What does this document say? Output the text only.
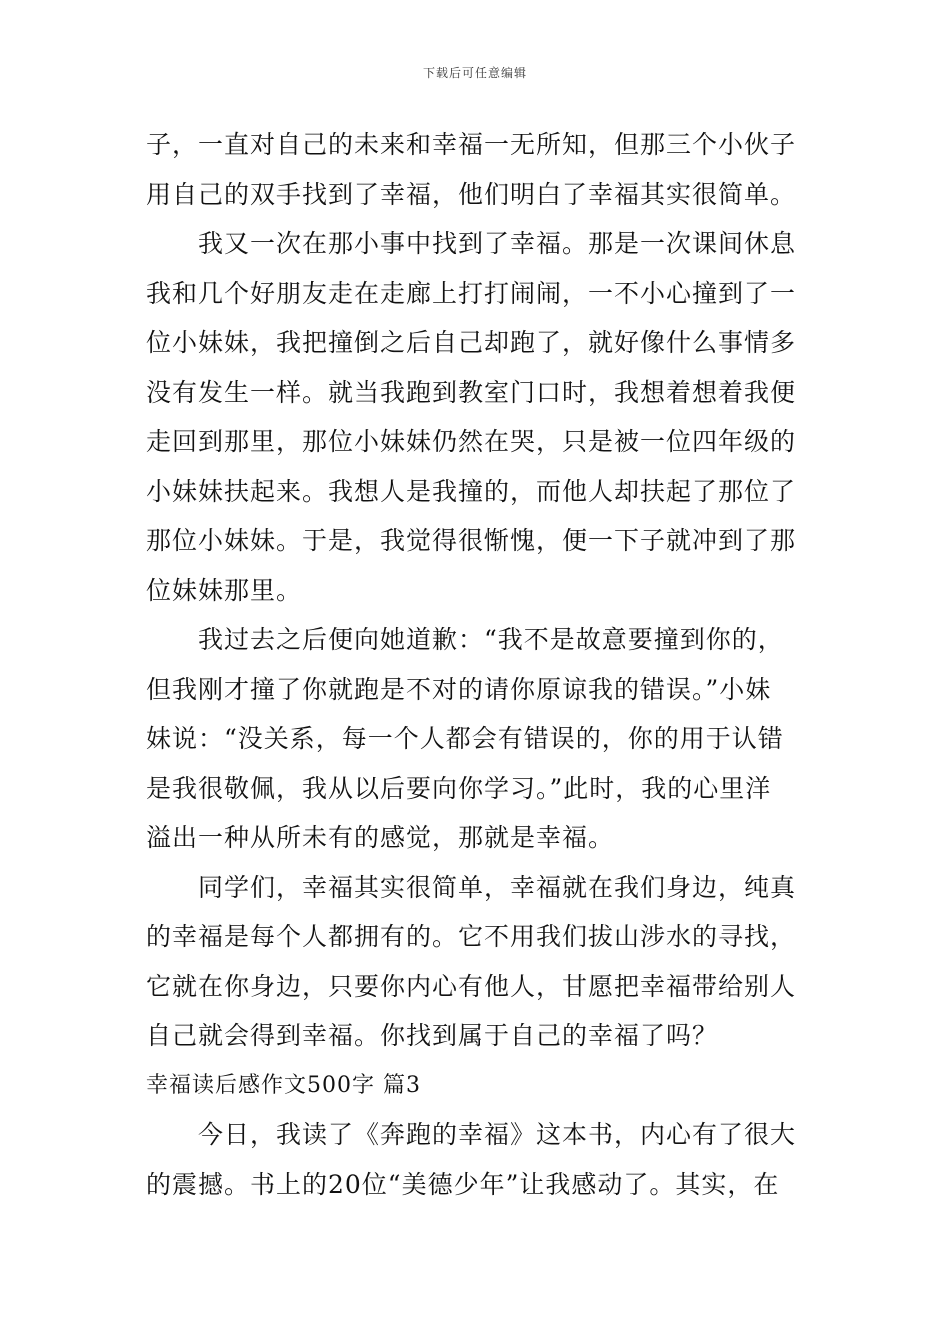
下载后可任意编辑
子，一直对自己的未来和幸福一无所知，但那三个小伙子
用自己的双手找到了幸福，他们明白了幸福其实很简单。
我又一次在那小事中找到了幸福。那是一次课间休息
我和几个好朋友走在走廊上打打闹闹，一不小心撞到了一
位小妹妹，我把撞倒之后自己却跑了，就好像什么事情多
没有发生一样。就当我跑到教室门口时，我想着想着我便
走回到那里，那位小妹妹仍然在哭，只是被一位四年级的
小妹妹扶起来。我想人是我撞的，而他人却扶起了那位了
那位小妹妹。于是，我觉得很惭愧，便一下子就冲到了那
位妹妹那里。
我过去之后便向她道歉：“我不是故意要撞到你的，
但我刚才撞了你就跑是不对的请你原谅我的错误。”小妹
妹说：“没关系，每一个人都会有错误的，你的用于认错
是我很敬佩，我从以后要向你学习。”此时，我的心里洋
溢出一种从所未有的感觉，那就是幸福。
同学们，幸福其实很简单，幸福就在我们身边，纯真
的幸福是每个人都拥有的。它不用我们拔山涉水的寻找，
它就在你身边，只要你内心有他人，甘愿把幸福带给别人
自己就会得到幸福。你找到属于自己的幸福了吗？
幸福读后感作文500字 篇3
今日，我读了《奔跑的幸福》这本书，内心有了很大
的震撼。书上的20位“美德少年”让我感动了。其实，在
